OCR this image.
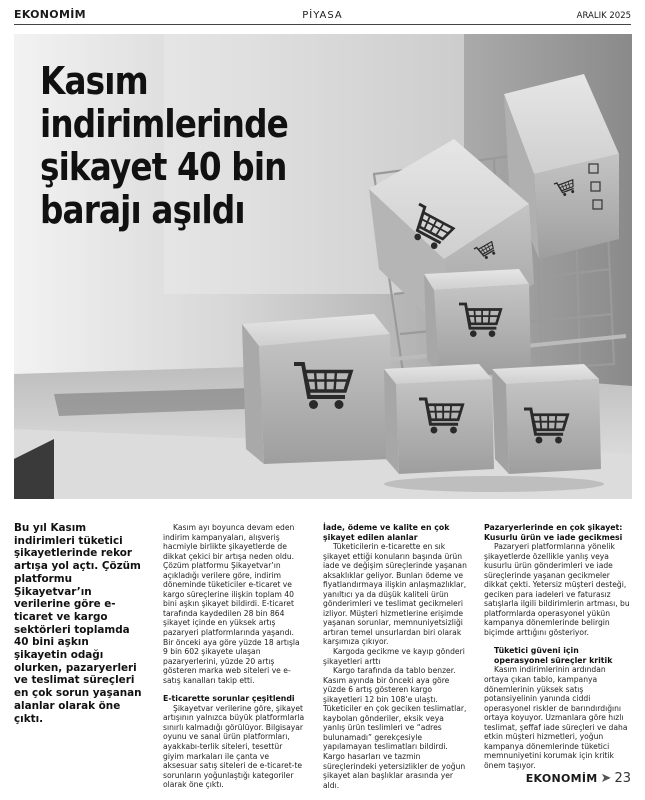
EKONOMİM	PİYASA	ARALIK 2025
Kasım indirimlerinde şikayet 40 bin barajı aşıldı

Bu yıl Kasım indirimleri tüketici şikayetlerinde rekor artışa yol açtı. Çözüm platformu Şikayetvar’ın verilerine göre e-ticaret ve kargo sektörleri toplamda 40 bini aşkın şikayetin odağı olurken, pazaryerleri ve teslimat süreçleri en çok sorun yaşanan alanlar olarak öne çıktı.

Kasım ayı boyunca devam eden indirim kampanyaları, alışveriş hacmiyle birlikte şikayetlerde de dikkat çekici bir artışa neden oldu. Çözüm platformu Şikayetvar’ın açıkladığı verilere göre, indirim döneminde tüketiciler e-ticaret ve kargo süreçlerine ilişkin toplam 40 bini aşkın şikayet bildirdi. E-ticaret tarafında kaydedilen 28 bin 864 şikayet içinde en yüksek artış pazaryeri platformlarında yaşandı. Bir önceki aya göre yüzde 18 artışla 9 bin 602 şikayete ulaşan pazaryerlerini, yüzde 20 artış gösteren marka web siteleri ve e-satış kanalları takip etti.

E-ticarette sorunlar çeşitlendi

Şikayetvar verilerine göre, şikayet artışının yalnızca büyük platformlarla sınırlı kalmadığı görülüyor. Bilgisayar oyunu ve sanal ürün platformları, ayakkabı-terlik siteleri, tesettür giyim markaları ile çanta ve aksesuar satış siteleri de e-ticaret-te sorunların yoğunlaştığı kategoriler olarak öne çıktı.

İade, ödeme ve kalite en çok şikayet edilen alanlar

Tüketicilerin e-ticarette en sık şikayet ettiği konuların başında ürün iade ve değişim süreçlerinde yaşanan aksaklıklar geliyor. Bunları ödeme ve fiyatlandırmaya ilişkin anlaşmazlıklar, yanıltıcı ya da düşük kaliteli ürün gönderimleri ve teslimat gecikmeleri izliyor. Müşteri hizmetlerine erişimde yaşanan sorunlar, memnuniyetsizliği artıran temel unsurlardan biri olarak karşımıza çıkıyor.

Kargoda gecikme ve kayıp gönderi şikayetleri arttı

Kargo tarafında da tablo benzer. Kasım ayında bir önceki aya göre yüzde 6 artış gösteren kargo şikayetleri 12 bin 108’e ulaştı. Tüketiciler en çok geciken teslimatlar, kaybolan gönderiler, eksik veya yanlış ürün teslimleri ve “adres bulunamadı” gerekçesiyle yapılamayan teslimatları bildirdi. Kargo hasarları ve tazmin süreçlerindeki yetersizlikler de yoğun şikayet alan başlıklar arasında yer aldı.

Pazaryerlerinde en çok şikayet: Kusurlu ürün ve iade gecikmesi

Pazaryeri platformlarına yönelik şikayetlerde özellikle yanlış veya kusurlu ürün gönderimleri ve iade süreçlerinde yaşanan gecikmeler dikkat çekti. Yetersiz müşteri desteği, geciken para iadeleri ve faturasız satışlarla ilgili bildirimlerin artması, bu platformlarda operasyonel yükün kampanya dönemlerinde belirgin biçimde arttığını gösteriyor.

Tüketici güveni için operasyonel süreçler kritik

Kasım indirimlerinin ardından ortaya çıkan tablo, kampanya dönemlerinin yüksek satış potansiyelinin yanında ciddi operasyonel riskler de barındırdığını ortaya koyuyor. Uzmanlara göre hızlı teslimat, şeffaf iade süreçleri ve daha etkin müşteri hizmetleri, yoğun kampanya dönemlerinde tüketici memnuniyetini korumak için kritik önem taşıyor.

EKONOMİM ➤ 23
